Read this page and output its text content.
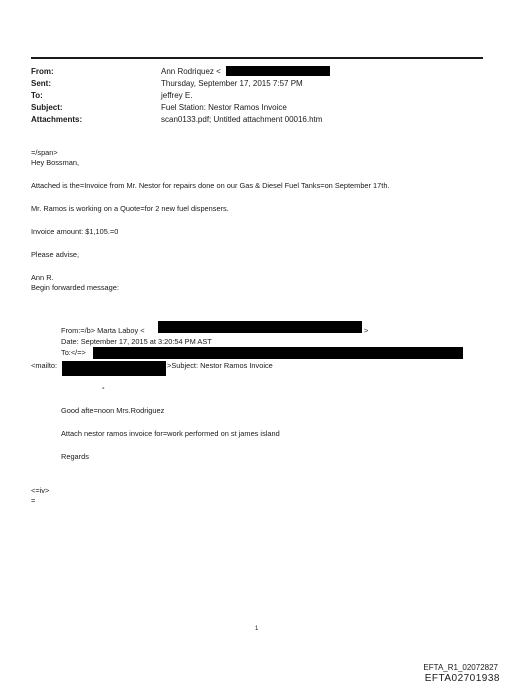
From:	Ann Rodriquez <
Sent:	Thursday, September 17, 2015 7:57 PM
To:	jeffrey E.
Subject:	Fuel Station: Nestor Ramos Invoice
Attachments:	scan0133.pdf; Untitled attachment 00016.htm
=/span>
Hey Bossman,
Attached is the=Invoice from Mr. Nestor for repairs done on our Gas & Diesel Fuel Tanks=on September 17th.
Mr. Ramos is working on a Quote=for 2 new fuel dispensers.
Invoice amount: $1,105.=0
Please advise,
Ann R.
Begin forwarded message:
From:=/b> Marta Laboy <	>
Date: September 17, 2015 at 3:20:54 PM AST
To:</=>
<mailto:	>Subject: Nestor Ramos Invoice
-
Good afte=noon Mrs.Rodriguez
Attach nestor ramos invoice for=work performed on st james island
Regards
<=iv>
=
1
EFTA_R1_02072827
EFTA02701938
